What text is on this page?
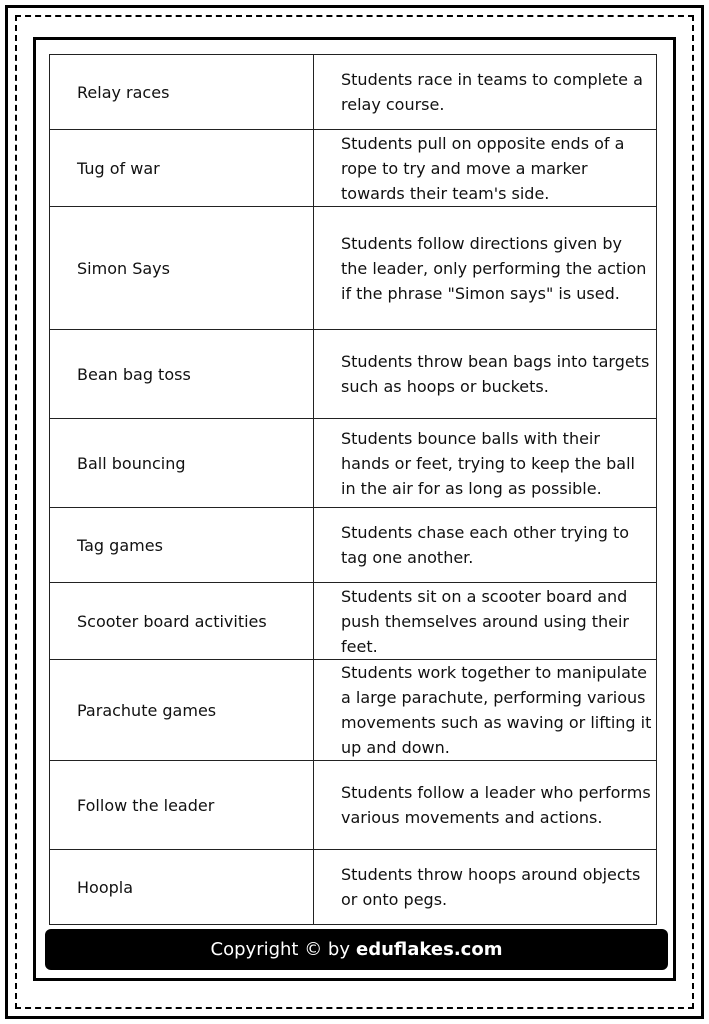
Relay races	Students race in teams to complete a relay course.
Tug of war	Students pull on opposite ends of a rope to try and move a marker towards their team's side.
Simon Says	Students follow directions given by the leader, only performing the action if the phrase "Simon says" is used.
Bean bag toss	Students throw bean bags into targets such as hoops or buckets.
Ball bouncing	Students bounce balls with their hands or feet, trying to keep the ball in the air for as long as possible.
Tag games	Students chase each other trying to tag one another.
Scooter board activities	Students sit on a scooter board and push themselves around using their feet.
Parachute games	Students work together to manipulate a large parachute, performing various movements such as waving or lifting it up and down.
Follow the leader	Students follow a leader who performs various movements and actions.
Hoopla	Students throw hoops around objects or onto pegs.
Copyright © by eduflakes.com
